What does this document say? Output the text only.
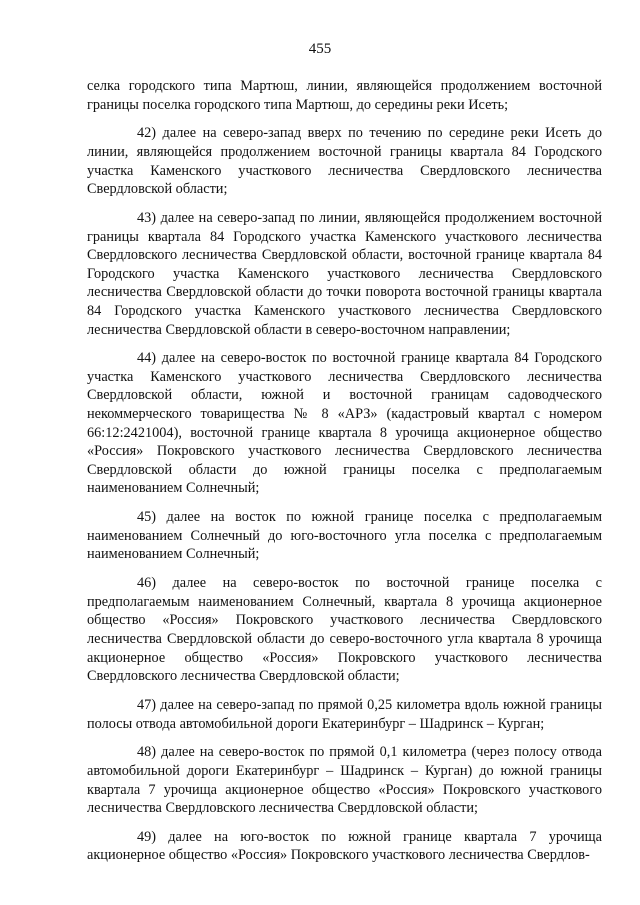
455

селка городского типа Мартюш, линии, являющейся продолжением восточной границы поселка городского типа Мартюш, до середины реки Исеть;

42) далее на северо-запад вверх по течению по середине реки Исеть до линии, являющейся продолжением восточной границы квартала 84 Городского участка Каменского участкового лесничества Свердловского лесничества Свердловской области;

43) далее на северо-запад по линии, являющейся продолжением восточной границы квартала 84 Городского участка Каменского участкового лесничества Свердловского лесничества Свердловской области, восточной границе квартала 84 Городского участка Каменского участкового лесничества Свердловского лесничества Свердловской области до точки поворота восточной границы квартала 84 Городского участка Каменского участкового лесничества Свердловского лесничества Свердловской области в северо-восточном направлении;

44) далее на северо-восток по восточной границе квартала 84 Городского участка Каменского участкового лесничества Свердловского лесничества Свердловской области, южной и восточной границам садоводческого некоммерческого товарищества № 8 «АРЗ» (кадастровый квартал с номером 66:12:2421004), восточной границе квартала 8 урочища акционерное общество «Россия» Покровского участкового лесничества Свердловского лесничества Свердловской области до южной границы поселка с предполагаемым наименованием Солнечный;

45) далее на восток по южной границе поселка с предполагаемым наименованием Солнечный до юго-восточного угла поселка с предполагаемым наименованием Солнечный;

46) далее на северо-восток по восточной границе поселка с предполагаемым наименованием Солнечный, квартала 8 урочища акционерное общество «Россия» Покровского участкового лесничества Свердловского лесничества Свердловской области до северо-восточного угла квартала 8 урочища акционерное общество «Россия» Покровского участкового лесничества Свердловского лесничества Свердловской области;

47) далее на северо-запад по прямой 0,25 километра вдоль южной границы полосы отвода автомобильной дороги Екатеринбург – Шадринск – Курган;

48) далее на северо-восток по прямой 0,1 километра (через полосу отвода автомобильной дороги Екатеринбург – Шадринск – Курган) до южной границы квартала 7 урочища акционерное общество «Россия» Покровского участкового лесничества Свердловского лесничества Свердловской области;

49) далее на юго-восток по южной границе квартала 7 урочища акционерное общество «Россия» Покровского участкового лесничества Свердлов-
